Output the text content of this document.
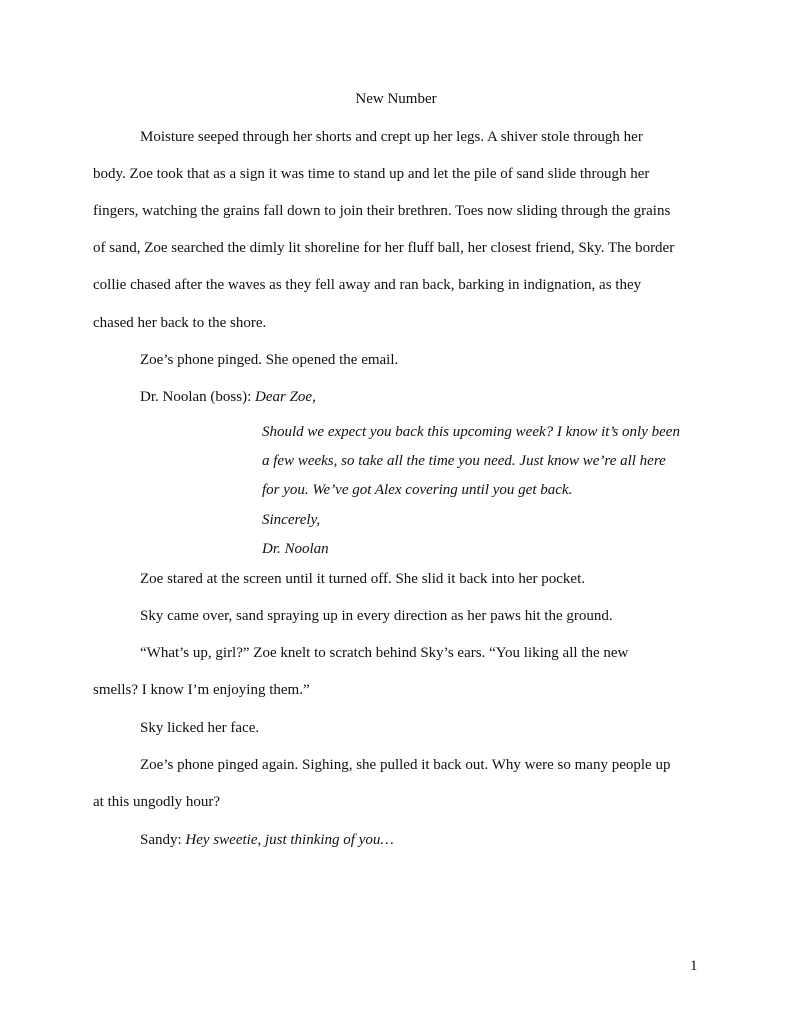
New Number
Moisture seeped through her shorts and crept up her legs. A shiver stole through her
body. Zoe took that as a sign it was time to stand up and let the pile of sand slide through her
fingers, watching the grains fall down to join their brethren. Toes now sliding through the grains
of sand, Zoe searched the dimly lit shoreline for her fluff ball, her closest friend, Sky. The border
collie chased after the waves as they fell away and ran back, barking in indignation, as they
chased her back to the shore.
Zoe’s phone pinged. She opened the email.
Dr. Noolan (boss): Dear Zoe,
Should we expect you back this upcoming week? I know it’s only been
a few weeks, so take all the time you need. Just know we’re all here
for you. We’ve got Alex covering until you get back.
Sincerely,
Dr. Noolan
Zoe stared at the screen until it turned off. She slid it back into her pocket.
Sky came over, sand spraying up in every direction as her paws hit the ground.
“What’s up, girl?” Zoe knelt to scratch behind Sky’s ears. “You liking all the new
smells? I know I’m enjoying them.”
Sky licked her face.
Zoe’s phone pinged again. Sighing, she pulled it back out. Why were so many people up
at this ungodly hour?
Sandy: Hey sweetie, just thinking of you…
1
